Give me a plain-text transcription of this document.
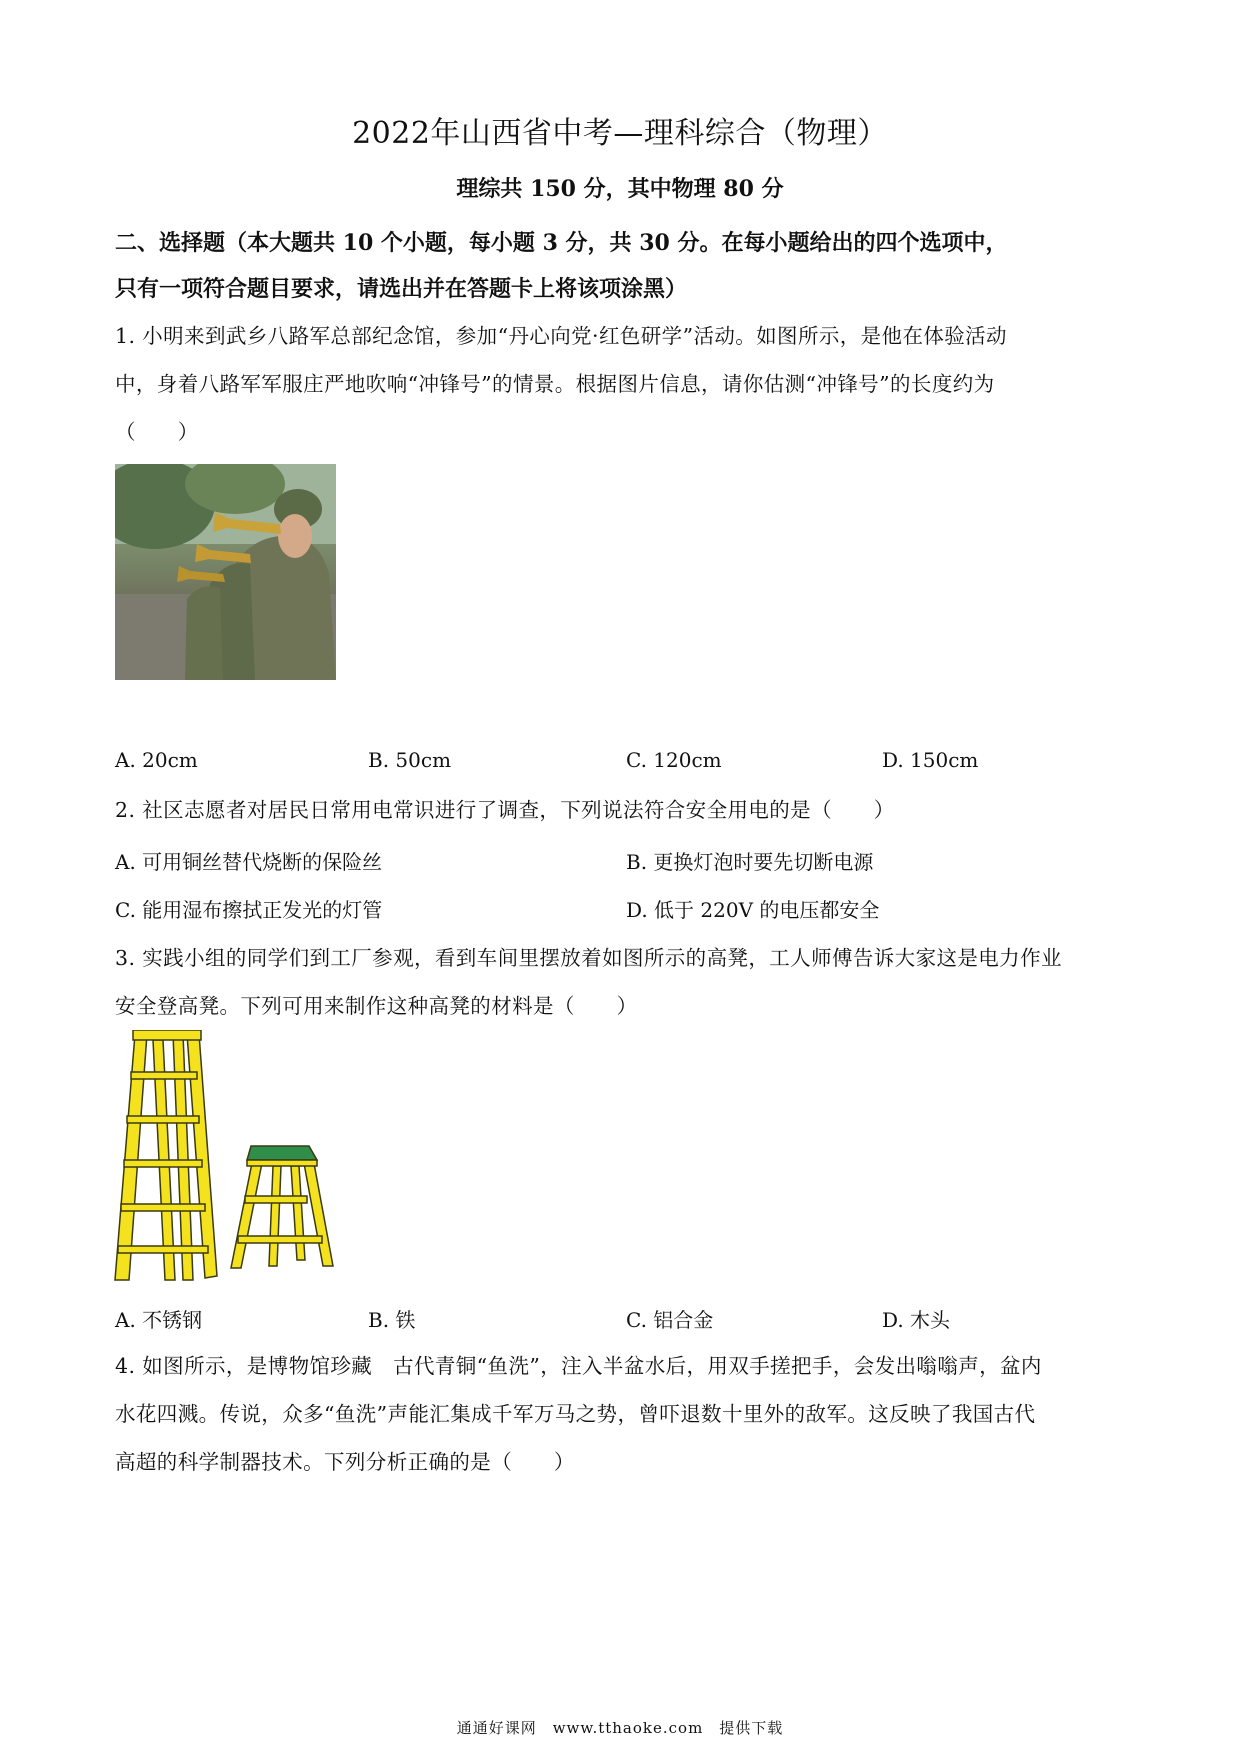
2022年山西省中考—理科综合（物理）
理综共 150 分，其中物理 80 分
二、选择题（本大题共 10 个小题，每小题 3 分，共 30 分。在每小题给出的四个选项中，
只有一项符合题目要求，请选出并在答题卡上将该项涂黑）
1. 小明来到武乡八路军总部纪念馆，参加“丹心向党·红色研学”活动。如图所示，是他在体验活动
中，身着八路军军服庄严地吹响“冲锋号”的情景。根据图片信息，请你估测“冲锋号”的长度约为
（　　）
A. 20cm	B. 50cm	C. 120cm	D. 150cm
2. 社区志愿者对居民日常用电常识进行了调查，下列说法符合安全用电的是（　　）
A. 可用铜丝替代烧断的保险丝	B. 更换灯泡时要先切断电源
C. 能用湿布擦拭正发光的灯管	D. 低于 220V 的电压都安全
3. 实践小组的同学们到工厂参观，看到车间里摆放着如图所示的高凳，工人师傅告诉大家这是电力作业
安全登高凳。下列可用来制作这种高凳的材料是（　　）
A. 不锈钢	B. 铁	C. 铝合金	D. 木头
4. 如图所示，是博物馆珍藏　古代青铜“鱼洗”，注入半盆水后，用双手搓把手，会发出嗡嗡声，盆内
水花四溅。传说，众多“鱼洗”声能汇集成千军万马之势，曾吓退数十里外的敌军。这反映了我国古代
高超的科学制器技术。下列分析正确的是（　　）
通通好课网　www.tthaoke.com　提供下载
